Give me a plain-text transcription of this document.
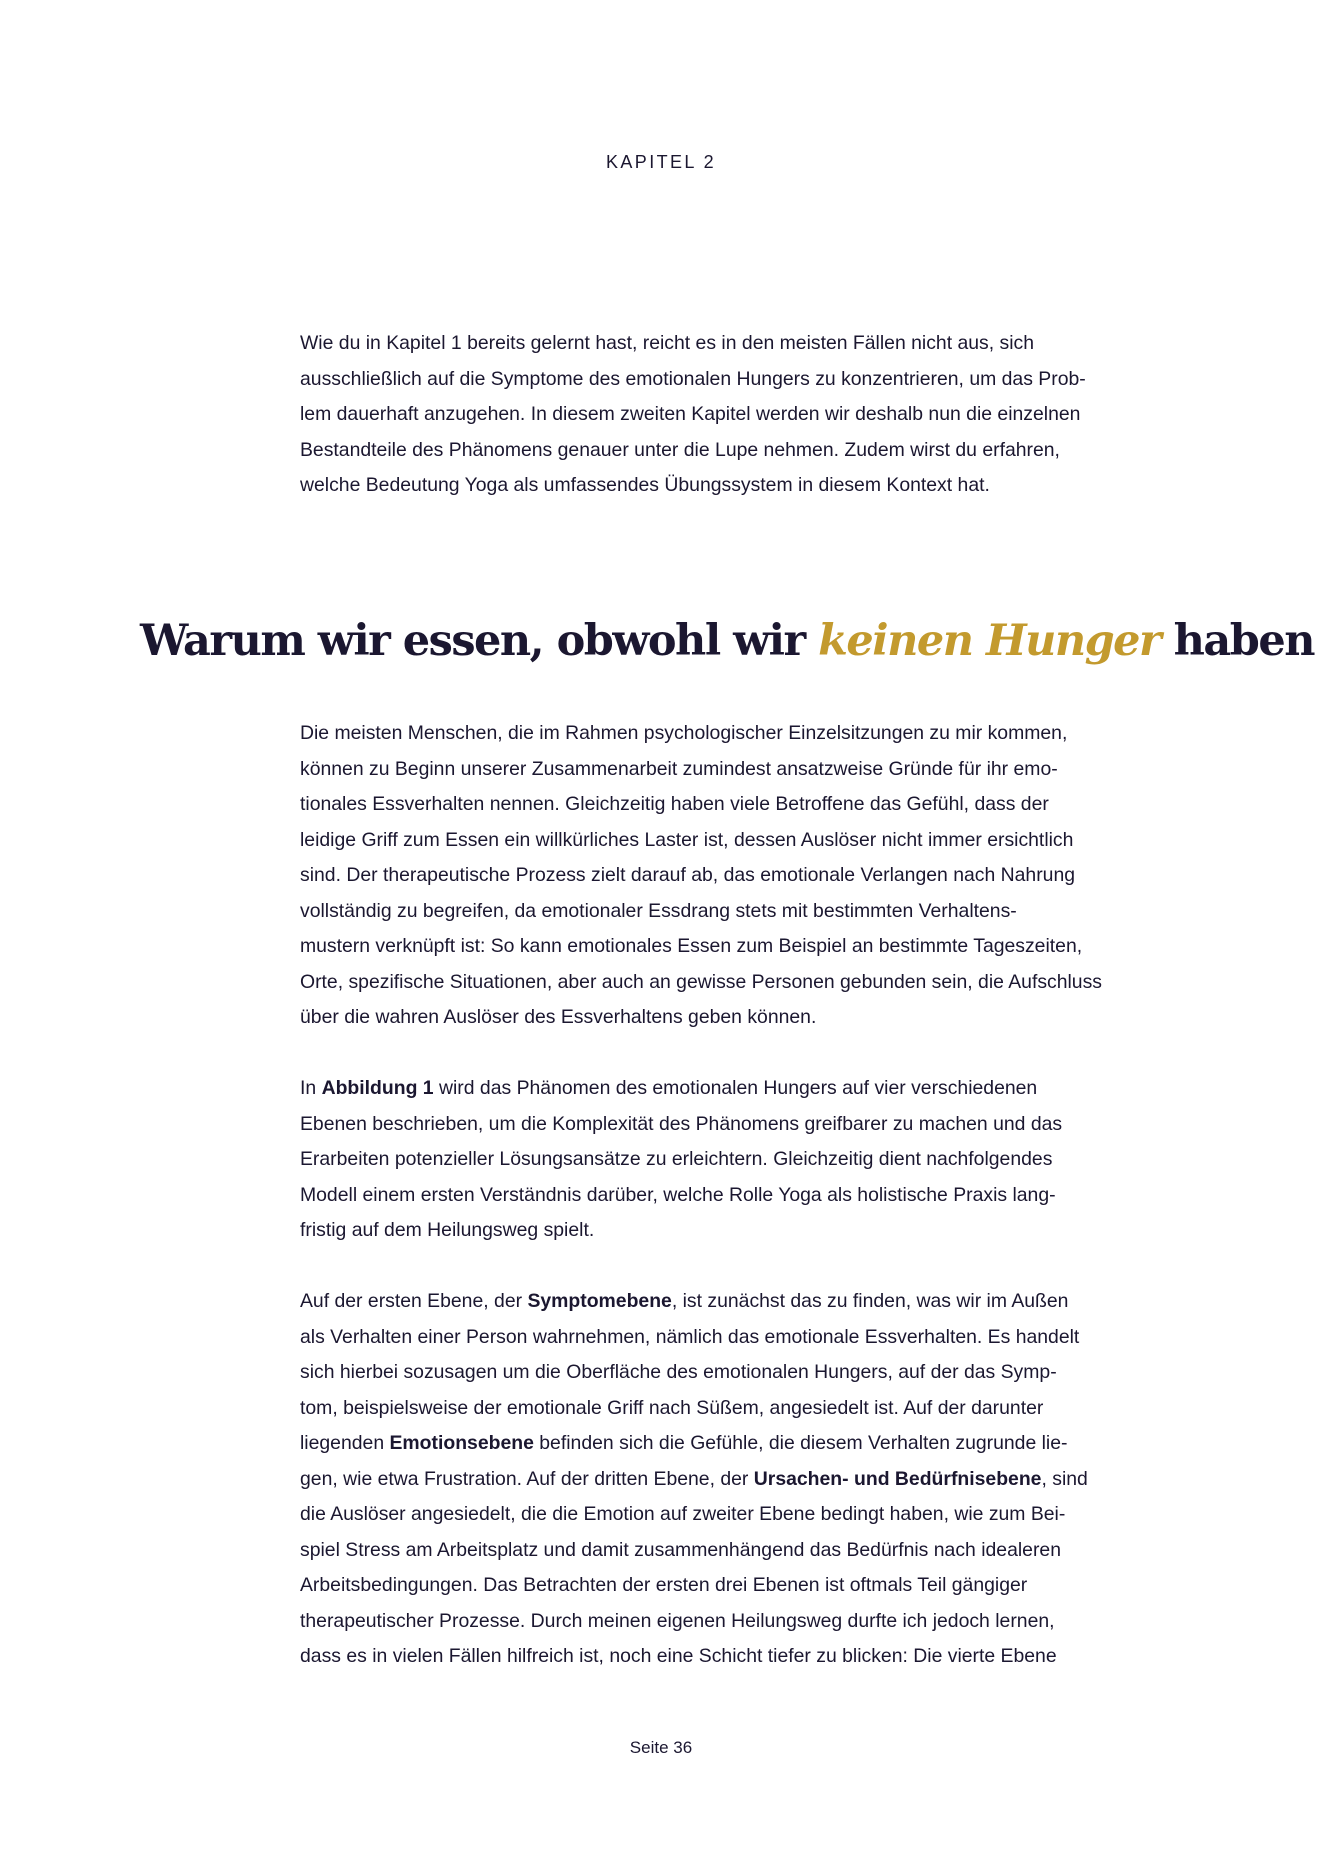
KAPITEL 2

Wie du in Kapitel 1 bereits gelernt hast, reicht es in den meisten Fällen nicht aus, sich
ausschließlich auf die Symptome des emotionalen Hungers zu konzentrieren, um das Prob-
lem dauerhaft anzugehen. In diesem zweiten Kapitel werden wir deshalb nun die einzelnen
Bestandteile des Phänomens genauer unter die Lupe nehmen. Zudem wirst du erfahren,
welche Bedeutung Yoga als umfassendes Übungssystem in diesem Kontext hat.

Warum wir essen, obwohl wir keinen Hunger haben

Die meisten Menschen, die im Rahmen psychologischer Einzelsitzungen zu mir kommen,
können zu Beginn unserer Zusammenarbeit zumindest ansatzweise Gründe für ihr emo-
tionales Essverhalten nennen. Gleichzeitig haben viele Betroffene das Gefühl, dass der
leidige Griff zum Essen ein willkürliches Laster ist, dessen Auslöser nicht immer ersichtlich
sind. Der therapeutische Prozess zielt darauf ab, das emotionale Verlangen nach Nahrung
vollständig zu begreifen, da emotionaler Essdrang stets mit bestimmten Verhaltens-
mustern verknüpft ist: So kann emotionales Essen zum Beispiel an bestimmte Tageszeiten,
Orte, spezifische Situationen, aber auch an gewisse Personen gebunden sein, die Aufschluss
über die wahren Auslöser des Essverhaltens geben können.

In Abbildung 1 wird das Phänomen des emotionalen Hungers auf vier verschiedenen
Ebenen beschrieben, um die Komplexität des Phänomens greifbarer zu machen und das
Erarbeiten potenzieller Lösungsansätze zu erleichtern. Gleichzeitig dient nachfolgendes
Modell einem ersten Verständnis darüber, welche Rolle Yoga als holistische Praxis lang-
fristig auf dem Heilungsweg spielt.

Auf der ersten Ebene, der Symptomebene, ist zunächst das zu finden, was wir im Außen
als Verhalten einer Person wahrnehmen, nämlich das emotionale Essverhalten. Es handelt
sich hierbei sozusagen um die Oberfläche des emotionalen Hungers, auf der das Symp-
tom, beispielsweise der emotionale Griff nach Süßem, angesiedelt ist. Auf der darunter
liegenden Emotionsebene befinden sich die Gefühle, die diesem Verhalten zugrunde lie-
gen, wie etwa Frustration. Auf der dritten Ebene, der Ursachen- und Bedürfnisebene, sind
die Auslöser angesiedelt, die die Emotion auf zweiter Ebene bedingt haben, wie zum Bei-
spiel Stress am Arbeitsplatz und damit zusammenhängend das Bedürfnis nach idealeren
Arbeitsbedingungen. Das Betrachten der ersten drei Ebenen ist oftmals Teil gängiger
therapeutischer Prozesse. Durch meinen eigenen Heilungsweg durfte ich jedoch lernen,
dass es in vielen Fällen hilfreich ist, noch eine Schicht tiefer zu blicken: Die vierte Ebene

Seite 36
